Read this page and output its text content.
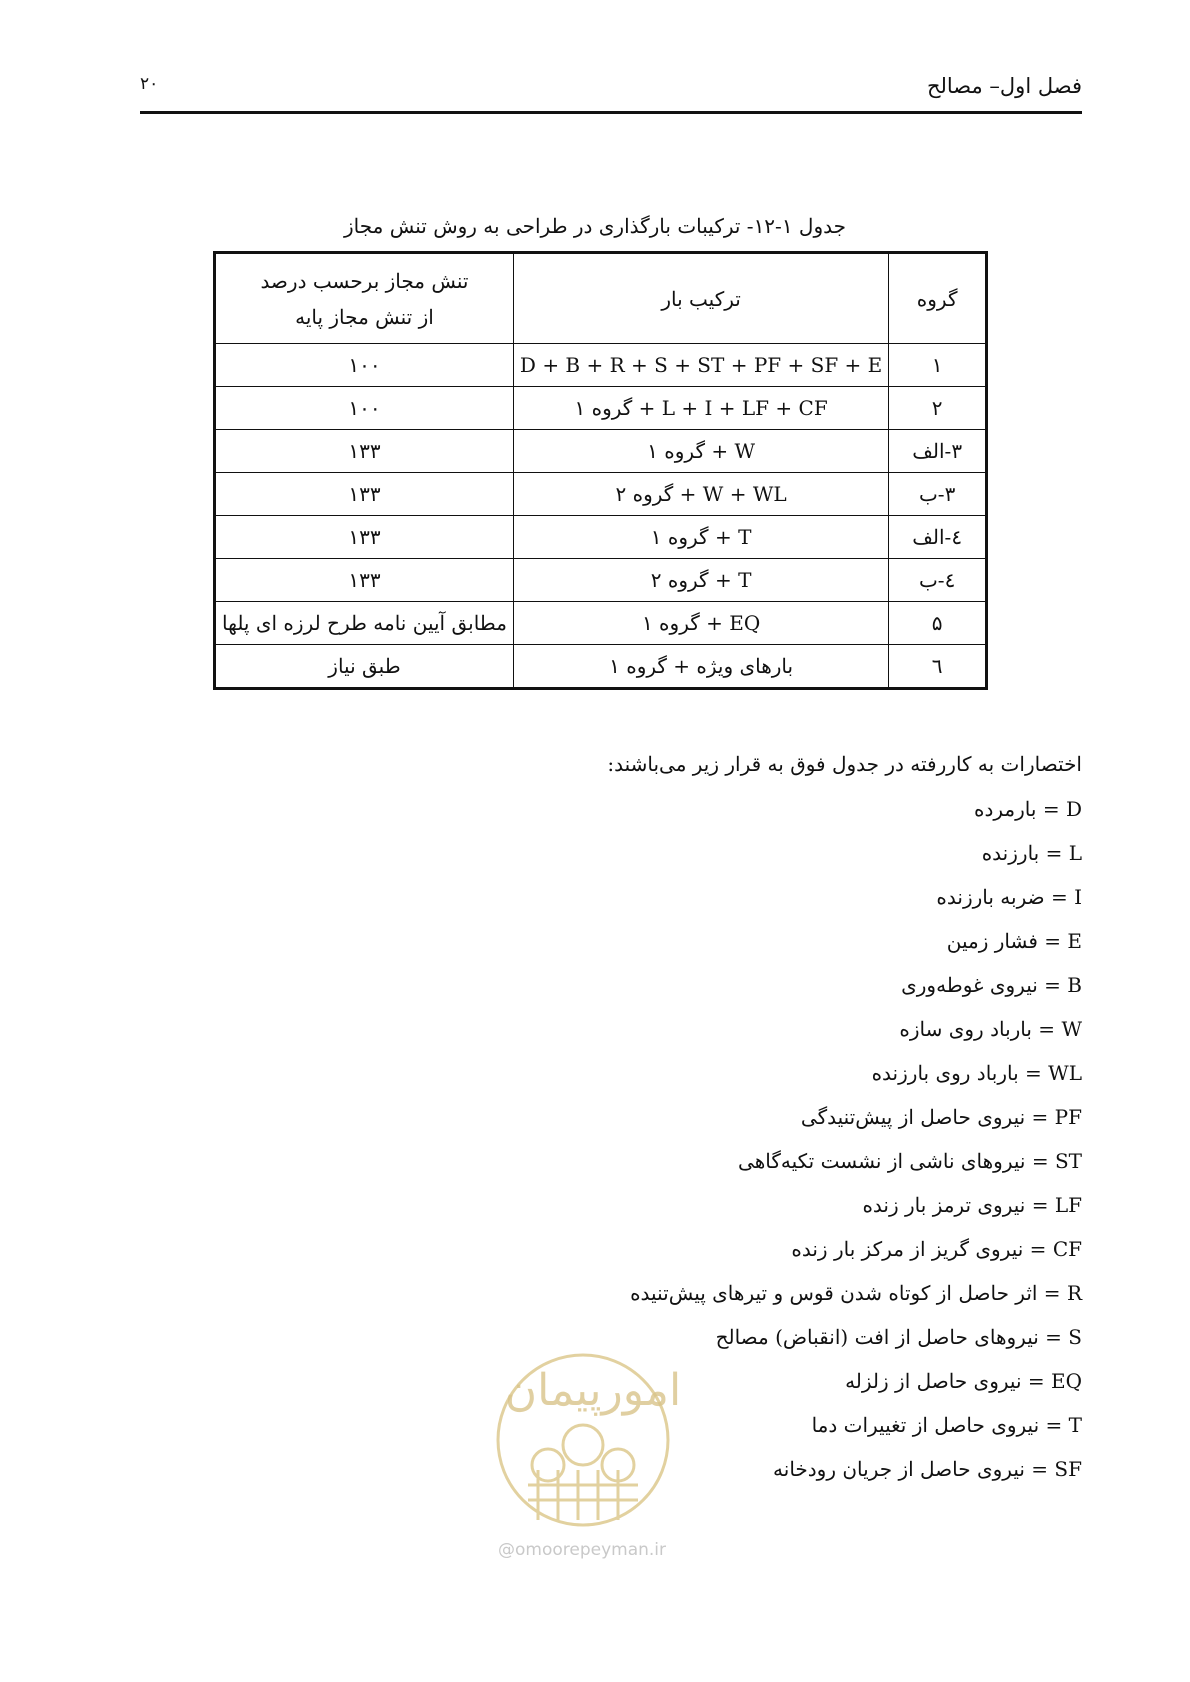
فصل اول– مصالح
۲۰
جدول ۱-۱۲- ترکیبات بارگذاری در طراحی به روش تنش مجاز
گروه	ترکیب بار	تنش مجاز برحسب درصد
از تنش مجاز پایه
۱	D + B + R + S + ST + PF + SF + E	۱۰۰
۲	گروه ۱ + L + I + LF + CF	۱۰۰
۳-الف	گروه ۱ + W	۱۳۳
۳-ب	گروه ۲ + W + WL	۱۳۳
٤-الف	گروه ۱ + T	۱۳۳
٤-ب	گروه ۲ + T	۱۳۳
۵	گروه ۱ + EQ	مطابق آیین نامه طرح لرزه ای پلها
٦	بارهای ویژه + گروه ۱	طبق نیاز
اختصارات به کاررفته در جدول فوق به قرار زیر می‌باشند:
D = بارمرده
L = بارزنده
I = ضربه بارزنده
E = فشار زمین
B = نیروی غوطه‌وری
W = بارباد روی سازه
WL = بارباد روی بارزنده
PF = نیروی حاصل از پیش‌تنیدگی
ST = نیروهای ناشی از نشست تکیه‌گاهی
LF = نیروی ترمز بار زنده
CF = نیروی گریز از مرکز بار زنده
R = اثر حاصل از کوتاه شدن قوس و تیرهای پیش‌تنیده
S = نیروهای حاصل از افت (انقباض) مصالح
EQ = نیروی حاصل از زلزله
T = نیروی حاصل از تغییرات دما
SF = نیروی حاصل از جریان رودخانه
امورپیمان
@omoorepeyman.ir
